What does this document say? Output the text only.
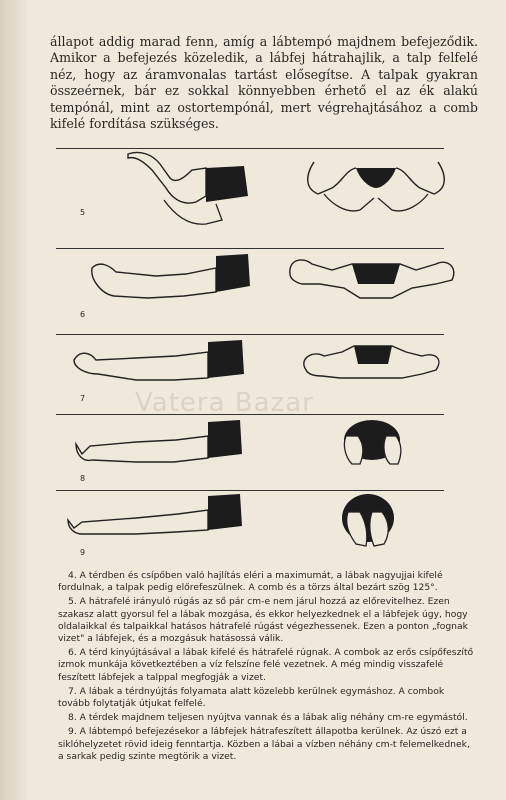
állapot addig marad fenn, amíg a lábtempó majdnem befejeződik. Amikor a befejezés közeledik, a lábfej hátrahajlik, a talp felfelé néz, hogy az áramvonalas tartást elősegítse. A talpak gyakran összeérnek, bár ez sokkal könnyebben érhető el az ék alakú tempónál, mint az ostortempónál, mert végrehajtásához a comb kifelé fordítása szükséges.

5
6
7
8
9
Vatera Bazar

4. A térdben és csípőben való hajlítás eléri a maximumát, a lábak nagyujjai kifelé fordulnak, a talpak pedig előrefeszülnek. A comb és a törzs által bezárt szög 125°.

5. A hátrafelé irányuló rúgás az ső pár cm-e nem járul hozzá az előrevitelhez. Ezen szakasz alatt gyorsul fel a lábak mozgása, és ekkor helyezkednek el a lábfejek úgy, hogy oldalaikkal és talpaikkal hatásos hátrafelé rúgást végezhessenek. Ezen a ponton „fognak vizet" a lábfejek, és a mozgásuk hatásossá válik.

6. A térd kinyújtásával a lábak kifelé és hátrafelé rúgnak. A combok az erős csípőfeszítő izmok munkája következtében a víz felszíne felé vezetnek. A még mindig visszafelé feszített lábfejek a talppal megfogják a vizet.

7. A lábak a térdnyújtás folyamata alatt közelebb kerülnek egymáshoz. A combok tovább folytatják útjukat felfelé.

8. A térdek majdnem teljesen nyújtva vannak és a lábak alig néhány cm-re egymástól.

9. A lábtempó befejezésekor a lábfejek hátrafeszített állapotba kerülnek. Az úszó ezt a siklóhelyzetet rövid ideig fenntartja. Közben a lábai a vízben néhány cm-t felemelkednek, a sarkak pedig szinte megtörik a vizet.
